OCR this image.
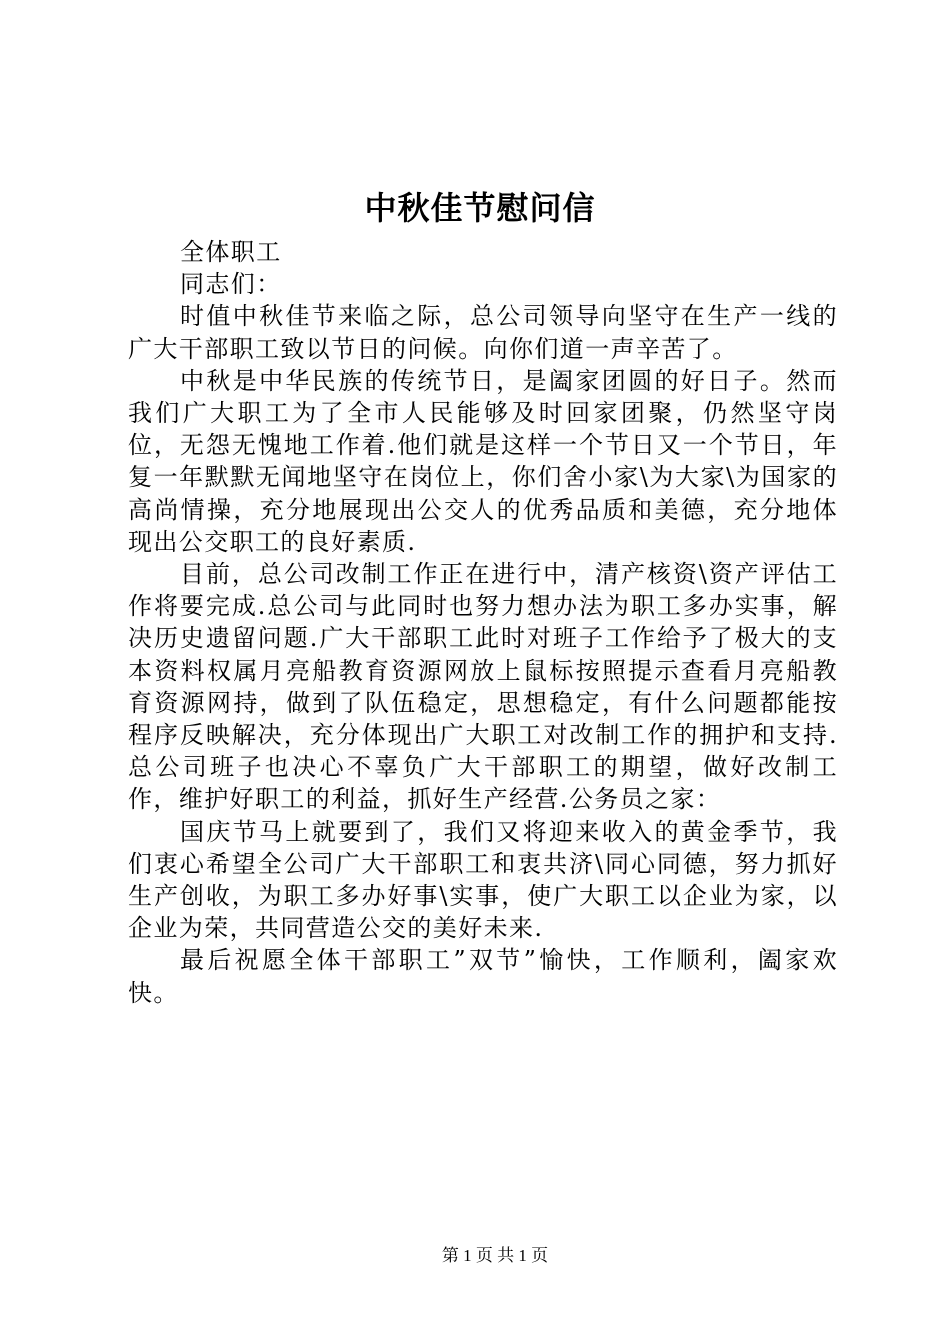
中秋佳节慰问信

全体职工

同志们：

时值中秋佳节来临之际，总公司领导向坚守在生产一线的广大干部职工致以节日的问候。向你们道一声辛苦了。

中秋是中华民族的传统节日，是阖家团圆的好日子。然而我们广大职工为了全市人民能够及时回家团聚，仍然坚守岗位，无怨无愧地工作着.他们就是这样一个节日又一个节日，年复一年默默无闻地坚守在岗位上，你们舍小家\为大家\为国家的高尚情操，充分地展现出公交人的优秀品质和美德，充分地体现出公交职工的良好素质.

目前，总公司改制工作正在进行中，清产核资\资产评估工作将要完成.总公司与此同时也努力想办法为职工多办实事，解决历史遗留问题.广大干部职工此时对班子工作给予了极大的支本资料权属月亮船教育资源网放上鼠标按照提示查看月亮船教育资源网持，做到了队伍稳定，思想稳定，有什么问题都能按程序反映解决，充分体现出广大职工对改制工作的拥护和支持.总公司班子也决心不辜负广大干部职工的期望，做好改制工作，维护好职工的利益，抓好生产经营.公务员之家：

国庆节马上就要到了，我们又将迎来收入的黄金季节，我们衷心希望全公司广大干部职工和衷共济\同心同德，努力抓好生产创收，为职工多办好事\实事，使广大职工以企业为家，以企业为荣，共同营造公交的美好未来.

最后祝愿全体干部职工”双节”愉快，工作顺利，阖家欢快。

第 1 页 共 1 页
